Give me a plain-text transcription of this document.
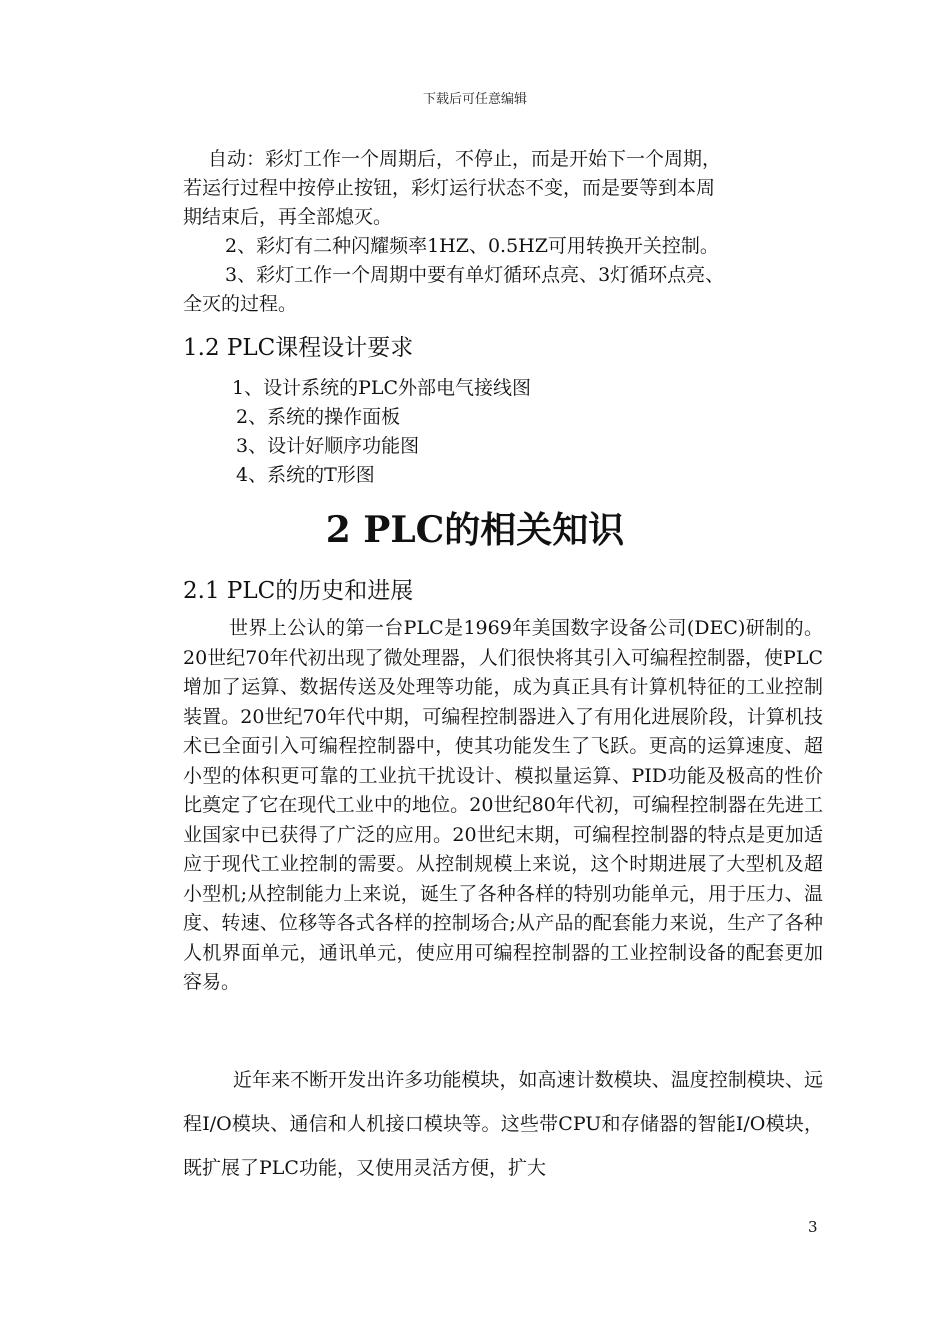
下载后可任意编辑
自动：彩灯工作一个周期后，不停止，而是开始下一个周期，
若运行过程中按停止按钮，彩灯运行状态不变，而是要等到本周
期结束后，再全部熄灭。
2、彩灯有二种闪耀频率1HZ、0.5HZ可用转换开关控制。
3、彩灯工作一个周期中要有单灯循环点亮、3灯循环点亮、
全灭的过程。
1.2 PLC课程设计要求
1、设计系统的PLC外部电气接线图
2、系统的操作面板
3、设计好顺序功能图
4、系统的T形图
2 PLC的相关知识
2.1 PLC的历史和进展
世界上公认的第一台PLC是1969年美国数字设备公司(DEC)研制的。20世纪70年代初出现了微处理器，人们很快将其引入可编程控制器，使PLC增加了运算、数据传送及处理等功能，成为真正具有计算机特征的工业控制装置。20世纪70年代中期，可编程控制器进入了有用化进展阶段，计算机技术已全面引入可编程控制器中，使其功能发生了飞跃。更高的运算速度、超小型的体积更可靠的工业抗干扰设计、模拟量运算、PID功能及极高的性价比奠定了它在现代工业中的地位。20世纪80年代初，可编程控制器在先进工业国家中已获得了广泛的应用。20世纪末期，可编程控制器的特点是更加适应于现代工业控制的需要。从控制规模上来说，这个时期进展了大型机及超小型机;从控制能力上来说，诞生了各种各样的特别功能单元，用于压力、温度、转速、位移等各式各样的控制场合;从产品的配套能力来说，生产了各种人机界面单元，通讯单元，使应用可编程控制器的工业控制设备的配套更加容易。
近年来不断开发出许多功能模块，如高速计数模块、温度控制模块、远程I/O模块、通信和人机接口模块等。这些带CPU和存储器的智能I/O模块，既扩展了PLC功能，又使用灵活方便，扩大
3
